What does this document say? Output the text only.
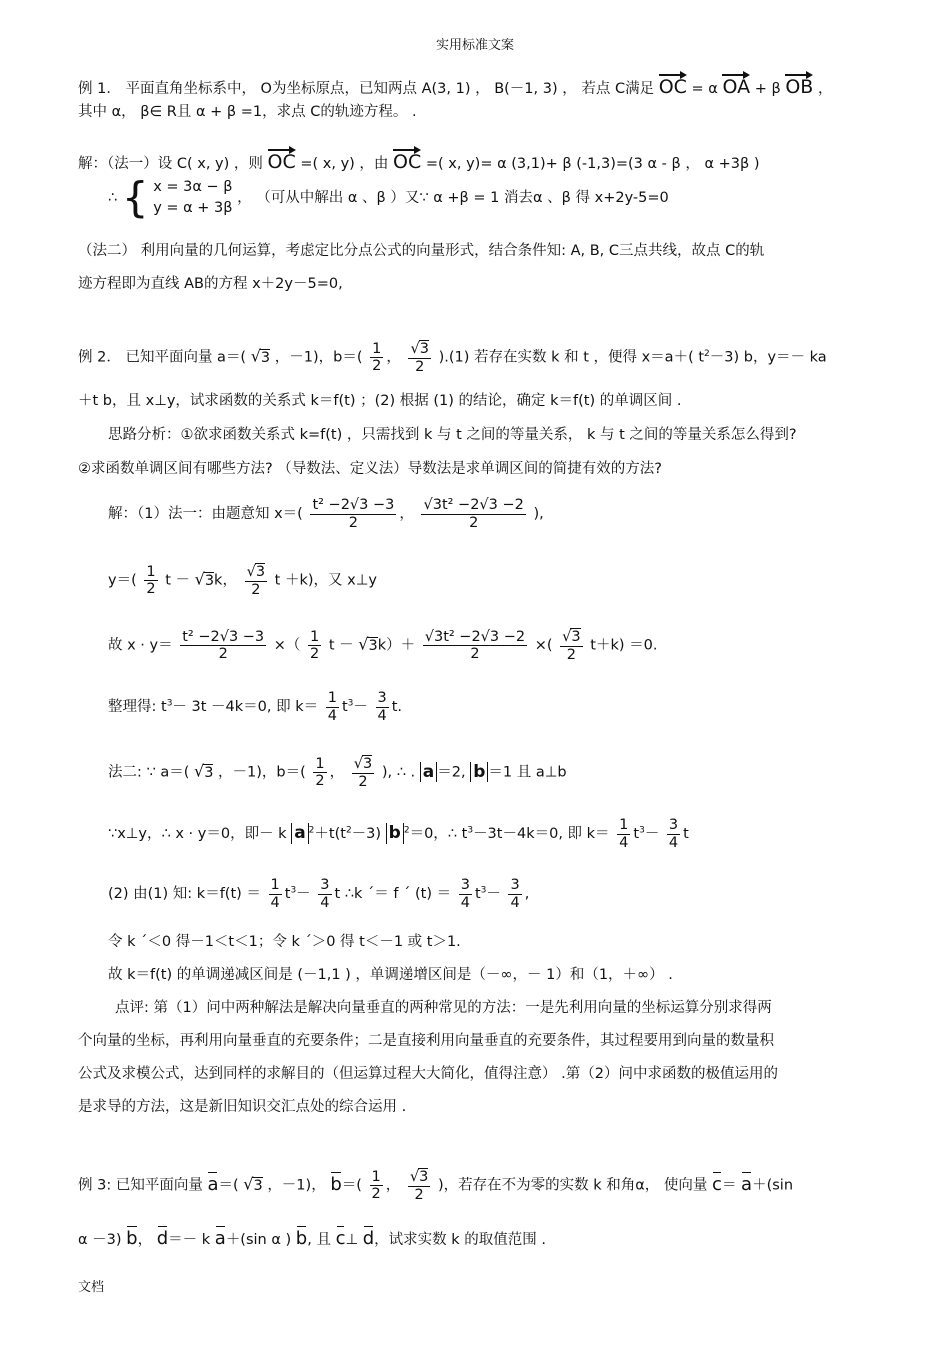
实用标准文案
例 1． 平面直角坐标系中， O为坐标原点，已知两点 A(3, 1) ， B(－1, 3) ， 若点 C满足 OC = α OA + β OB ，
其中 α， β∈ R且 α + β =1，求点 C的轨迹方程。 .
解：（法一）设 C( x, y) ，则 OC =( x, y) ，由 OC =( x, y)= α (3,1)+ β (-1,3)=(3 α - β ， α +3β )
∴ { x = 3α − β
y = α + 3β
， （可从中解出 α 、β ）又∵ α +β = 1 消去α 、β 得 x+2y-5=0
（法二） 利用向量的几何运算，考虑定比分点公式的向量形式，结合条件知: A, B, C三点共线，故点 C的轨
迹方程即为直线 AB的方程 x＋2y－5=0,
例 2． 已知平面向量 a＝( √3 ，－1)，$b=( \frac{1}{2}$ ， $\frac{√3}{2} ).(1)$ 若存在实数 k 和 t ，便得 x＝a＋( $t^2-3$) b，y＝－ ka
＋t b，且 x⊥y，试求函数的关系式 k＝f(t) ；(2) 根据 (1) 的结论，确定 k＝f(t) 的单调区间 .
思路分析：①欲求函数关系式 k=f(t) ，只需找到 k 与 t 之间的等量关系， k 与 t 之间的等量关系怎么得到?
②求函数单调区间有哪些方法? （导数法、定义法）导数法是求单调区间的简捷有效的方法?
解：（1）法一：由题意知 $x=( \frac{\text{t² −2√3 −3}}{2}$ ， $\frac{\text{√3t² −2√3 −2}}{2}$ ),
$y=( \frac{1}{2}$ t － √3k， $\frac{√3}{2}$ t ＋k)，又 x⊥y
故 $x \cdot y= \frac{\text{t² −2√3 −3}}{2}$ ×（ $\frac{1}{2}$ $t - √3k)+ \frac{\text{√3t² −2√3 −2}}{2}$ ×( $\frac{√3}{2} t+k) =0$.
整理得: $t^3- 3t -4k=0$, 即 $k= \frac{1}{4} t^3- \frac{3}{4} t$.
法二: ∵ a＝( √3 ，－1)，$b=( \frac{1}{2}$ ， $\frac{√3}{2}$ ), ∴ . a ＝2, b ＝1 且 a⊥b
∵x⊥y，∴ x · y＝0，即－ k a $^2+t(t^2-3)$ b $^2$＝0，∴ $t^3-3t-4k=0$, 即 $k= \frac{1}{4} t^3- \frac{3}{4}$ t
(2) 由(1) 知: $k=f(t) = \frac{1}{4} t^3- \frac{3}{4}$ t ∴k ´＝ f ´ $(t) = \frac{3}{4} t^3- \frac{3}{4}$ ,
令 k ´＜0 得－1＜t＜1；令 k ´＞0 得 t＜－1 或 t＞1.
故 k＝f(t) 的单调递减区间是 (－1,1 ) ，单调递增区间是（－∞，－ 1）和（1，＋∞） .
点评: 第（1）问中两种解法是解决向量垂直的两种常见的方法：一是先利用向量的坐标运算分别求得两
个向量的坐标，再利用向量垂直的充要条件；二是直接利用向量垂直的充要条件，其过程要用到向量的数量积
公式及求模公式，达到同样的求解目的（但运算过程大大简化，值得注意） .第（2）问中求函数的极值运用的
是求导的方法，这是新旧知识交汇点处的综合运用 .
例 3: 已知平面向量 a＝( √3 ，－1)， $b=( \frac{1}{2}$ ， $\frac{√3}{2}$ )，若存在不为零的实数 k 和角α， 使向量 c＝ a＋(sin
α －3) b， d＝－ k a＋(sin α ) b, 且 c⊥ d，试求实数 k 的取值范围 .
文档
